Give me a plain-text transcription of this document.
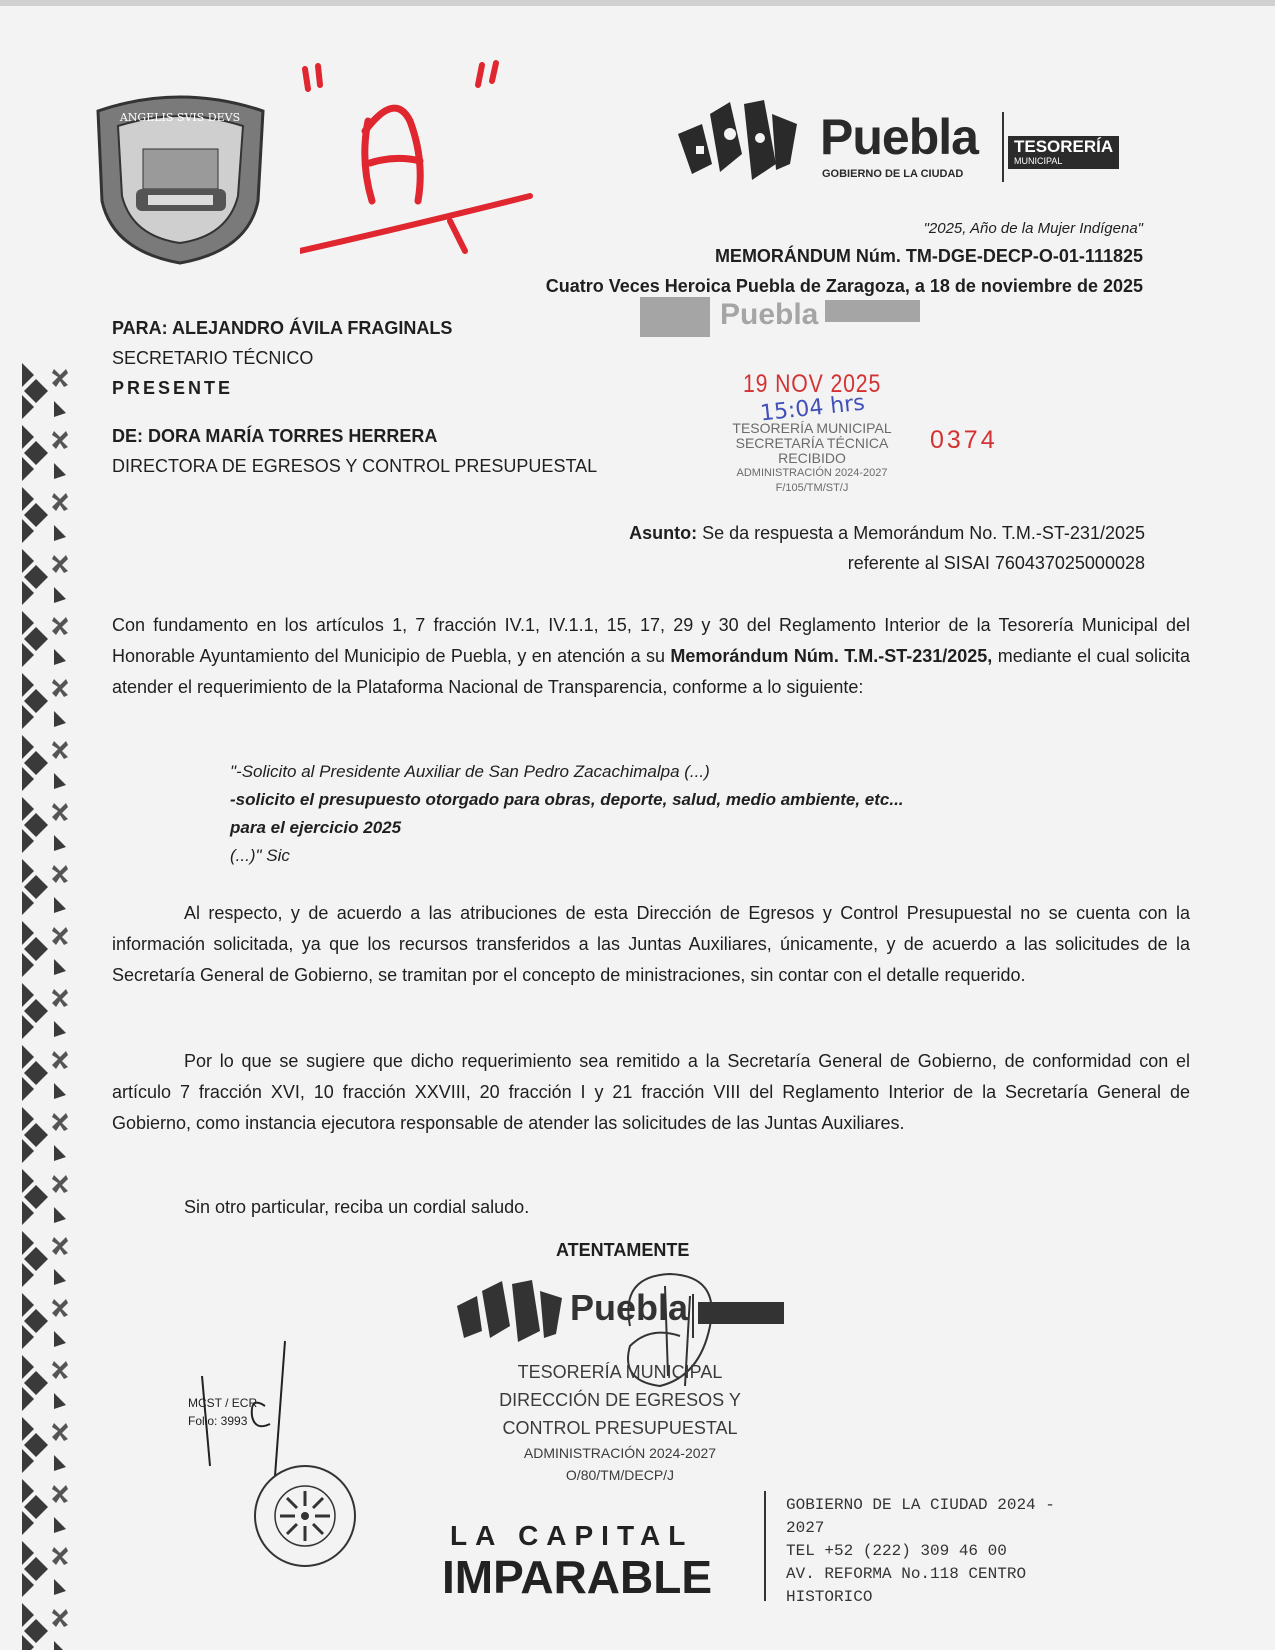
ANGELIS SVIS DEVS	Puebla
GOBIERNO DE LA CIUDAD
TESORERÍA
MUNICIPAL
"2025, Año de la Mujer Indígena"
MEMORÁNDUM Núm. TM-DGE-DECP-O-01-111825
Cuatro Veces Heroica Puebla de Zaragoza, a 18 de noviembre de 2025
Puebla
19 NOV 2025
15:04 hrs
TESORERÍA MUNICIPAL
SECRETARÍA TÉCNICA
RECIBIDO
ADMINISTRACIÓN 2024-2027
F/105/TM/ST/J
0374
PARA: ALEJANDRO ÁVILA FRAGINALS
SECRETARIO TÉCNICO
PRESENTE
DE: DORA MARÍA TORRES HERRERA
DIRECTORA DE EGRESOS Y CONTROL PRESUPUESTAL
Asunto: Se da respuesta a Memorándum No. T.M.-ST-231/2025
referente al SISAI 760437025000028
Con fundamento en los artículos 1, 7 fracción IV.1, IV.1.1, 15, 17, 29 y 30 del Reglamento Interior de la Tesorería Municipal del Honorable Ayuntamiento del Municipio de Puebla, y en atención a su Memorándum Núm. T.M.-ST-231/2025, mediante el cual solicita atender el requerimiento de la Plataforma Nacional de Transparencia, conforme a lo siguiente:
"-Solicito al Presidente Auxiliar de San Pedro Zacachimalpa (...)
-solicito el presupuesto otorgado para obras, deporte, salud, medio ambiente, etc...
para el ejercicio 2025
(...)" Sic
Al respecto, y de acuerdo a las atribuciones de esta Dirección de Egresos y Control Presupuestal no se cuenta con la información solicitada, ya que los recursos transferidos a las Juntas Auxiliares, únicamente, y de acuerdo a las solicitudes de la Secretaría General de Gobierno, se tramitan por el concepto de ministraciones, sin contar con el detalle requerido.
Por lo que se sugiere que dicho requerimiento sea remitido a la Secretaría General de Gobierno, de conformidad con el artículo 7 fracción XVI, 10 fracción XXVIII, 20 fracción I y 21 fracción VIII del Reglamento Interior de la Secretaría General de Gobierno, como instancia ejecutora responsable de atender las solicitudes de las Juntas Auxiliares.
Sin otro particular, reciba un cordial saludo.
ATENTAMENTE
Puebla
TESORERÍA MUNICIPAL
DIRECCIÓN DE EGRESOS Y
CONTROL PRESUPUESTAL
ADMINISTRACIÓN 2024-2027
O/80/TM/DECP/J
MCST / ECR
Folio: 3993
LA CAPITAL
IMPARABLE
GOBIERNO DE LA CIUDAD 2024 -
2027
TEL +52 (222) 309 46 00
AV. REFORMA No.118 CENTRO
HISTORICO
